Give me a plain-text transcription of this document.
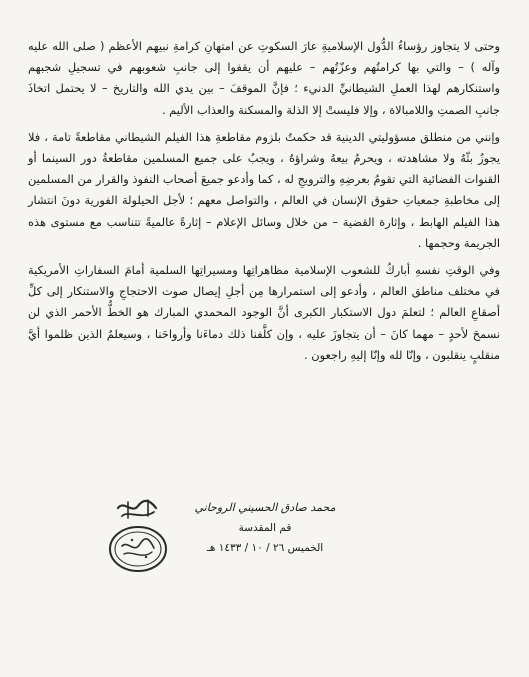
وحتى لا يتجاوز رؤساءُ الدُّول الإسلاميةِ عارَ السكوتِ عن امتهانِ كرامةِ نبيهم الأعظم ( صلى الله عليه وآله ) – والتي بها كرامتُهم وعزّتُهم – عليهم أن يقفوا إلى جانبِ شعوبهم في تسجيلِ شجبهم واستنكارهم لهذا العملِ الشيطانيِّ الدنيء ؛ فإنَّ الموقفَ – بين يدي الله والتاريخ – لا يحتمل اتخاذَ جانبِ الصمتِ واللامبالاة ، وإلا فليستْ إلا الذلة والمسكنة والعذاب الأليم .

وإنني من منطلق مسؤوليتي الدينية قد حكمتُ بلزوم مقاطعةِ هذا الفيلم الشيطاني مقاطعةً تامة ، فلا يجوزُ بثّهُ ولا مشاهدته ، ويحرمُ بيعهُ وشراؤهُ ، ويجبُ على جميع المسلمين مقاطعةُ دور السينما أو القنوات الفضائية التي تقومُ بعرضِهِ والترويجِ له ، كما وأدعو جميعَ أصحاب النفوذ والقرار من المسلمين إلى مخاطبةِ جمعياتِ حقوق الإنسان في العالم ، والتواصل معهم ؛ لأجل الحيلولة الفورية دونَ انتشار هذا الفيلم الهابط ، وإثارة القضية – من خلال وسائل الإعلام – إثارةً عالميةً تتناسب مع مستوى هذه الجريمة وحجمها .

وفي الوقتِ نفسهِ أباركُ للشعوب الإسلامية مظاهراتِها ومسيراتِها السلمية أمامَ السفاراتِ الأمريكية في مختلف مناطق العالم ، وأدعو إلى استمرارها مِن أجلِ إيصال صوت الاحتجاجِ والاستنكار إلى كلِّ أصقاعِ العالم ؛ لتعلمَ دول الاستكبار الكبرى أنَّ الوجود المحمدي المبارك هو الخطُّ الأحمر الذي لن نسمحَ لأحدٍ – مهما كانَ – أن يتجاوزَ عليه ، وإن كلَّفنا ذلك دماءَنا وأرواحَنا ، وسيعلمُ الذين ظلموا أيَّ منقلبٍ ينقلبون ، وإنّا لله وإنّا إليهِ راجعون .

محمد صادق الحسيني الروحاني
قم المقدسة
الخميس ٢٦ / ١٠ / ١٤٣٣ هـ
